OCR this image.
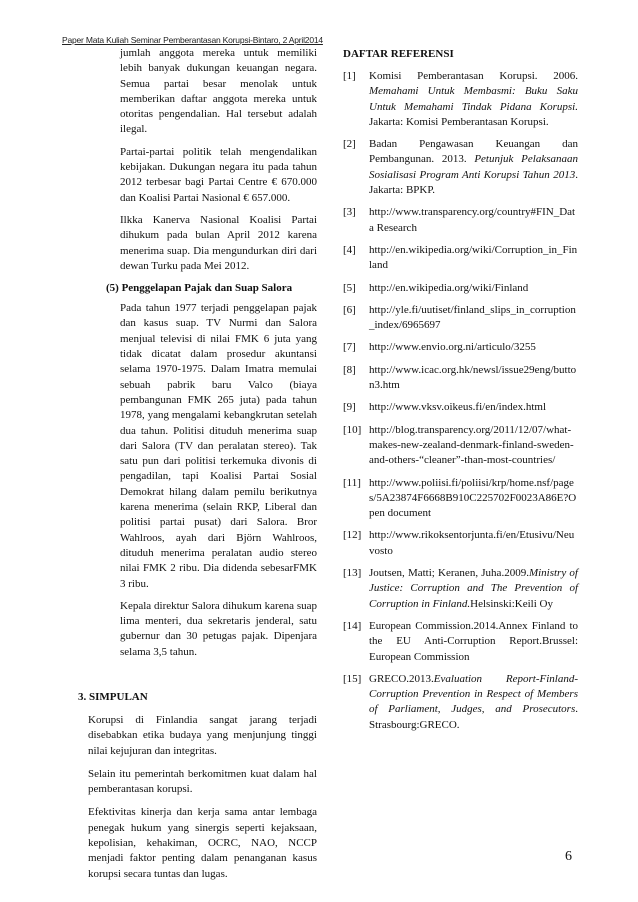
Paper Mata Kuliah Seminar Pemberantasan Korupsi-Bintaro, 2 April2014

jumlah anggota mereka untuk memiliki lebih banyak dukungan keuangan negara. Semua partai besar menolak untuk memberikan daftar anggota mereka untuk otoritas pengendalian. Hal tersebut adalah ilegal.

Partai-partai politik telah mengendalikan kebijakan. Dukungan negara itu pada tahun 2012 terbesar bagi Partai Centre € 670.000 dan Koalisi Partai Nasional € 657.000.

Ilkka Kanerva Nasional Koalisi Partai dihukum pada bulan April 2012 karena menerima suap. Dia mengundurkan diri dari dewan Turku pada Mei 2012.

(5) Penggelapan Pajak dan Suap Salora

Pada tahun 1977 terjadi penggelapan pajak dan kasus suap. TV Nurmi dan Salora menjual televisi di nilai FMK 6 juta yang tidak dicatat dalam prosedur akuntansi selama 1970-1975. Dalam Imatra memulai sebuah pabrik baru Valco (biaya pembangunan FMK 265 juta) pada tahun 1978, yang mengalami kebangkrutan setelah dua tahun. Politisi dituduh menerima suap dari Salora (TV dan peralatan stereo). Tak satu pun dari politisi terkemuka divonis di pengadilan, tapi Koalisi Partai Sosial Demokrat hilang dalam pemilu berikutnya karena menerima (selain RKP, Liberal dan politisi partai pusat) dari Salora. Bror Wahlroos, ayah dari Björn Wahlroos, dituduh menerima peralatan audio stereo nilai FMK 2 ribu. Dia didenda sebesarFMK 3 ribu.

Kepala direktur Salora dihukum karena suap lima menteri, dua sekretaris jenderal, satu gubernur dan 30 petugas pajak. Dipenjara selama 3,5 tahun.

3. SIMPULAN

Korupsi di Finlandia sangat jarang terjadi disebabkan etika budaya yang menjunjung tinggi nilai kejujuran dan integritas.

Selain itu pemerintah berkomitmen kuat dalam hal pemberantasan korupsi.

Efektivitas kinerja dan kerja sama antar lembaga penegak hukum yang sinergis seperti kejaksaan, kepolisian, kehakiman, OCRC, NAO, NCCP menjadi faktor penting dalam penanganan kasus korupsi secara tuntas dan lugas.

DAFTAR REFERENSI
[1]	Komisi Pemberantasan Korupsi. 2006. Memahami Untuk Membasmi: Buku Saku Untuk Memahami Tindak Pidana Korupsi. Jakarta: Komisi Pemberantasan Korupsi.
[2]	Badan Pengawasan Keuangan dan Pembangunan. 2013. Petunjuk Pelaksanaan Sosialisasi Program Anti Korupsi Tahun 2013. Jakarta: BPKP.
[3]	http://www.transparency.org/country#FIN_Data Research
[4]	http://en.wikipedia.org/wiki/Corruption_in_Finland
[5]	http://en.wikipedia.org/wiki/Finland
[6]	http://yle.fi/uutiset/finland_slips_in_corruption_index/6965697
[7]	http://www.envio.org.ni/articulo/3255
[8]	http://www.icac.org.hk/newsl/issue29eng/button3.htm
[9]	http://www.vksv.oikeus.fi/en/index.html
[10] http://blog.transparency.org/2011/12/07/what-makes-new-zealand-denmark-finland-sweden-and-others-“cleaner”-than-most-countries/
[11] http://www.poliisi.fi/poliisi/krp/home.nsf/pages/5A23874F6668B910C225702F0023A86E?Open document
[12] http://www.rikoksentorjunta.fi/en/Etusivu/Neuvosto
[13] Joutsen, Matti; Keranen, Juha.2009.Ministry of Justice: Corruption and The Prevention of Corruption in Finland.Helsinski:Keili Oy
[14] European Commission.2014.Annex Finland to the EU Anti-Corruption Report.Brussel: European Commission
[15] GRECO.2013.Evaluation Report-Finland-Corruption Prevention in Respect of Members of Parliament, Judges, and Prosecutors. Strasbourg:GRECO.
6
